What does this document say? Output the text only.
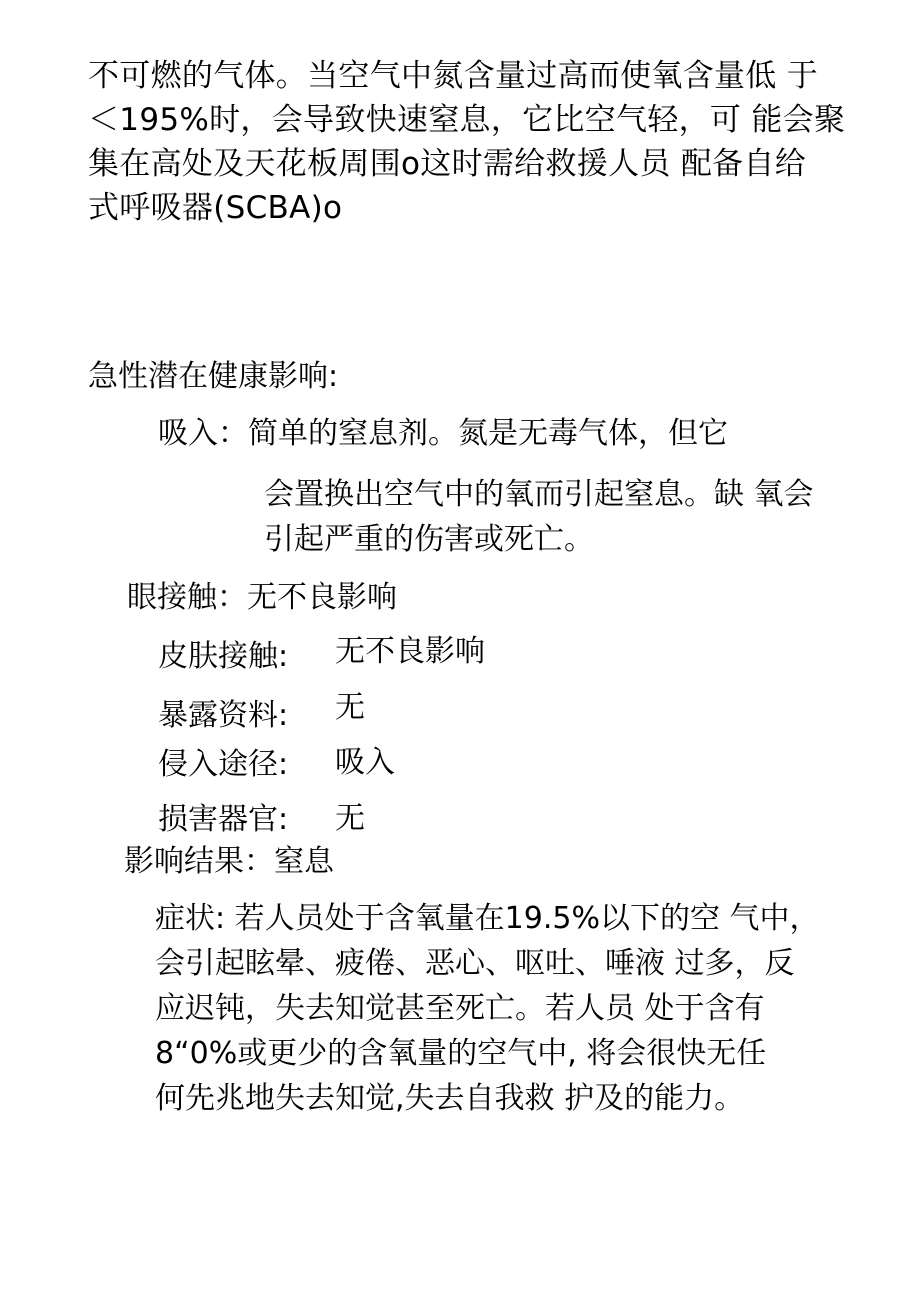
不可燃的气体。当空气中氮含量过高而使氧含量低 于
＜195%时，会导致快速窒息，它比空气轻，可 能会聚
集在高处及天花板周围o这时需给救援人员 配备自给
式呼吸器(SCBA)o
急性潜在健康影响:
吸入：简单的窒息剂。氮是无毒气体，但它
会置换出空气中的氧而引起窒息。缺 氧会
引起严重的伤害或死亡。
眼接触：无不良影响
皮肤接触: 无不良影响
暴露资料: 无
侵入途径: 吸入
损害器官: 无
影响结果：窒息
症状: 若人员处于含氧量在19.5%以下的空 气中，
会引起眩晕、疲倦、恶心、呕吐、唾液 过多，反
应迟钝，失去知觉甚至死亡。若人员 处于含有
8“0%或更少的含氧量的空气中, 将会很快无任
何先兆地失去知觉,失去自我救 护及的能力。
